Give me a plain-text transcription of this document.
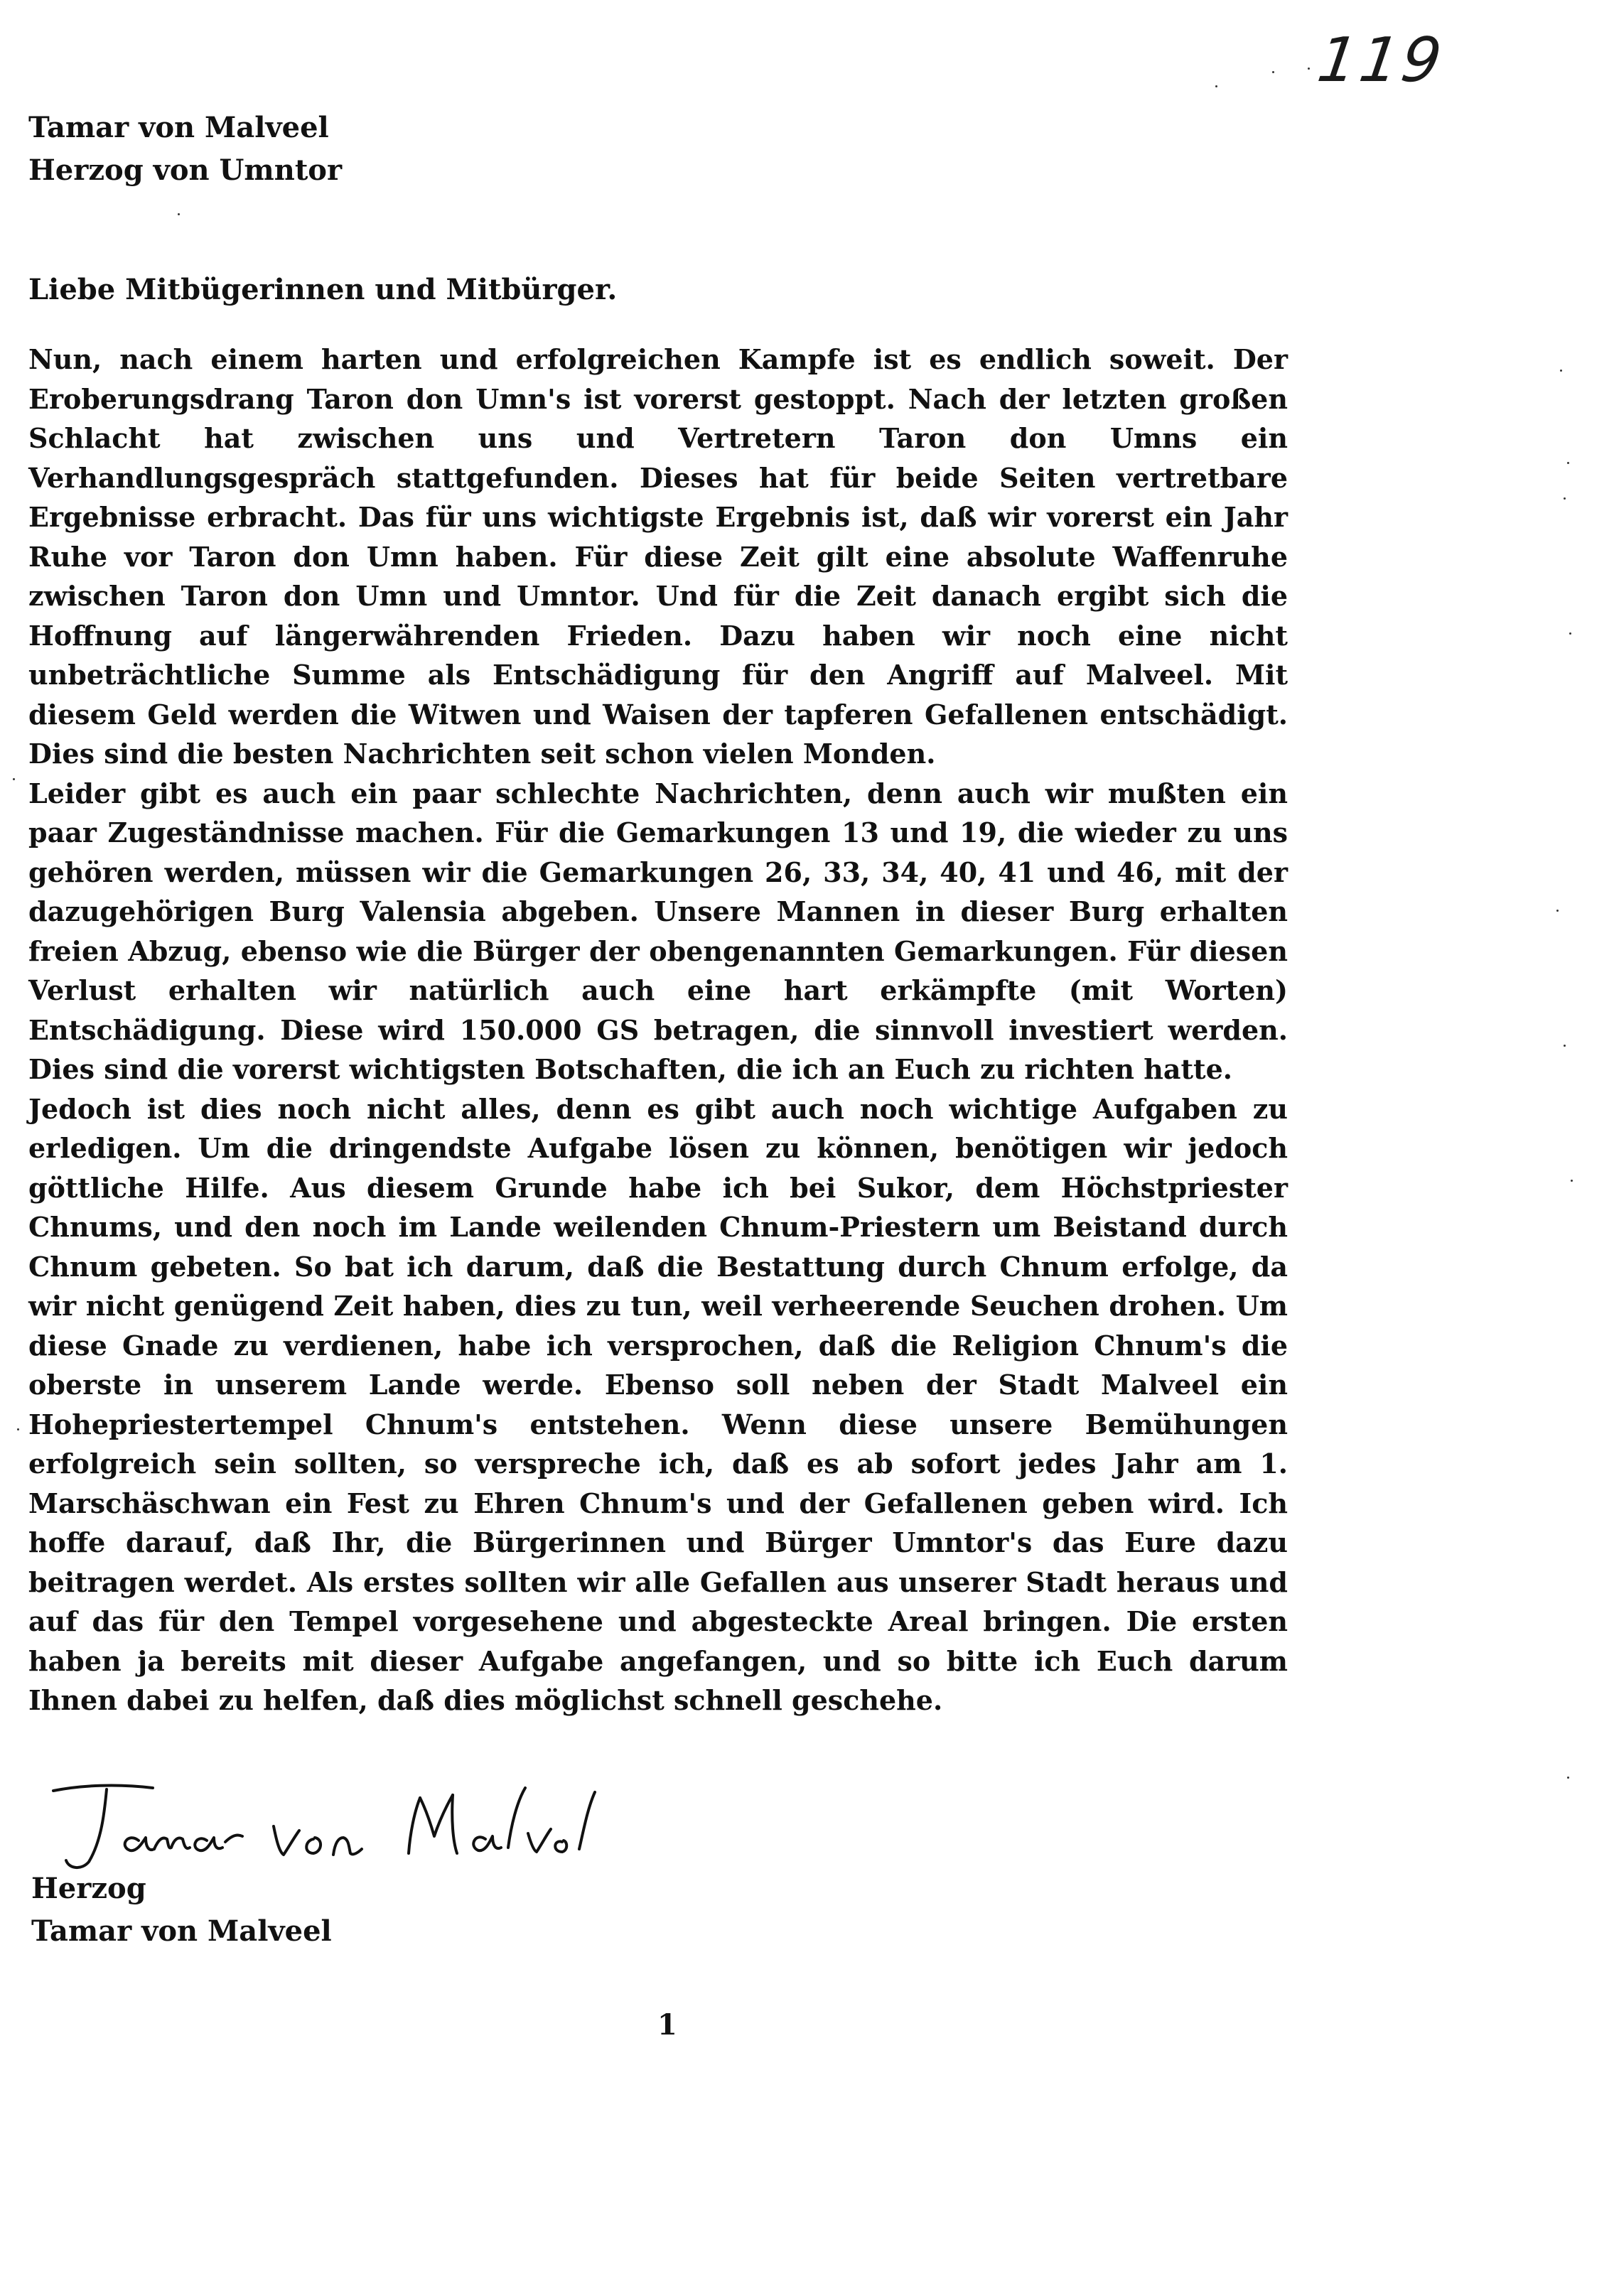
119
Tamar von Malveel
Herzog von Umntor
Liebe Mitbügerinnen und Mitbürger.

Nun, nach einem harten und erfolgreichen Kampfe ist es endlich soweit. Der Eroberungsdrang Taron don Umn's ist vorerst gestoppt. Nach der letzten großen Schlacht hat zwischen uns und Vertretern Taron don Umns ein Verhandlungsgespräch stattgefunden. Dieses hat für beide Seiten vertretbare Ergebnisse erbracht. Das für uns wichtigste Ergebnis ist, daß wir vorerst ein Jahr Ruhe vor Taron don Umn haben. Für diese Zeit gilt eine absolute Waffenruhe zwischen Taron don Umn und Umntor. Und für die Zeit danach ergibt sich die Hoffnung auf längerwährenden Frieden. Dazu haben wir noch eine nicht unbeträchtliche Summe als Entschädigung für den Angriff auf Malveel. Mit diesem Geld werden die Witwen und Waisen der tapferen Gefallenen entschädigt. Dies sind die besten Nachrichten seit schon vielen Monden.

Leider gibt es auch ein paar schlechte Nachrichten, denn auch wir mußten ein paar Zugeständnisse machen. Für die Gemarkungen 13 und 19, die wieder zu uns gehören werden, müssen wir die Gemarkungen 26, 33, 34, 40, 41 und 46, mit der dazugehörigen Burg Valensia abgeben. Unsere Mannen in dieser Burg erhalten freien Abzug, ebenso wie die Bürger der obengenannten Gemarkungen. Für diesen Verlust erhalten wir natürlich auch eine hart erkämpfte (mit Worten) Entschädigung. Diese wird 150.000 GS betragen, die sinnvoll investiert werden. Dies sind die vorerst wichtigsten Botschaften, die ich an Euch zu richten hatte.

Jedoch ist dies noch nicht alles, denn es gibt auch noch wichtige Aufgaben zu erledigen. Um die dringendste Aufgabe lösen zu können, benötigen wir jedoch göttliche Hilfe. Aus diesem Grunde habe ich bei Sukor, dem Höchstpriester Chnums, und den noch im Lande weilenden Chnum-Priestern um Beistand durch Chnum gebeten. So bat ich darum, daß die Bestattung durch Chnum erfolge, da wir nicht genügend Zeit haben, dies zu tun, weil verheerende Seuchen drohen. Um diese Gnade zu verdienen, habe ich versprochen, daß die Religion Chnum's die oberste in unserem Lande werde. Ebenso soll neben der Stadt Malveel ein Hohepriestertempel Chnum's entstehen. Wenn diese unsere Bemühungen erfolgreich sein sollten, so verspreche ich, daß es ab sofort jedes Jahr am 1. Marschäschwan ein Fest zu Ehren Chnum's und der Gefallenen geben wird. Ich hoffe darauf, daß Ihr, die Bürgerinnen und Bürger Umntor's das Eure dazu beitragen werdet. Als erstes sollten wir alle Gefallen aus unserer Stadt heraus und auf das für den Tempel vorgesehene und abgesteckte Areal bringen. Die ersten haben ja bereits mit dieser Aufgabe angefangen, und so bitte ich Euch darum Ihnen dabei zu helfen, daß dies möglichst schnell geschehe.

Herzog
Tamar von Malveel
1
